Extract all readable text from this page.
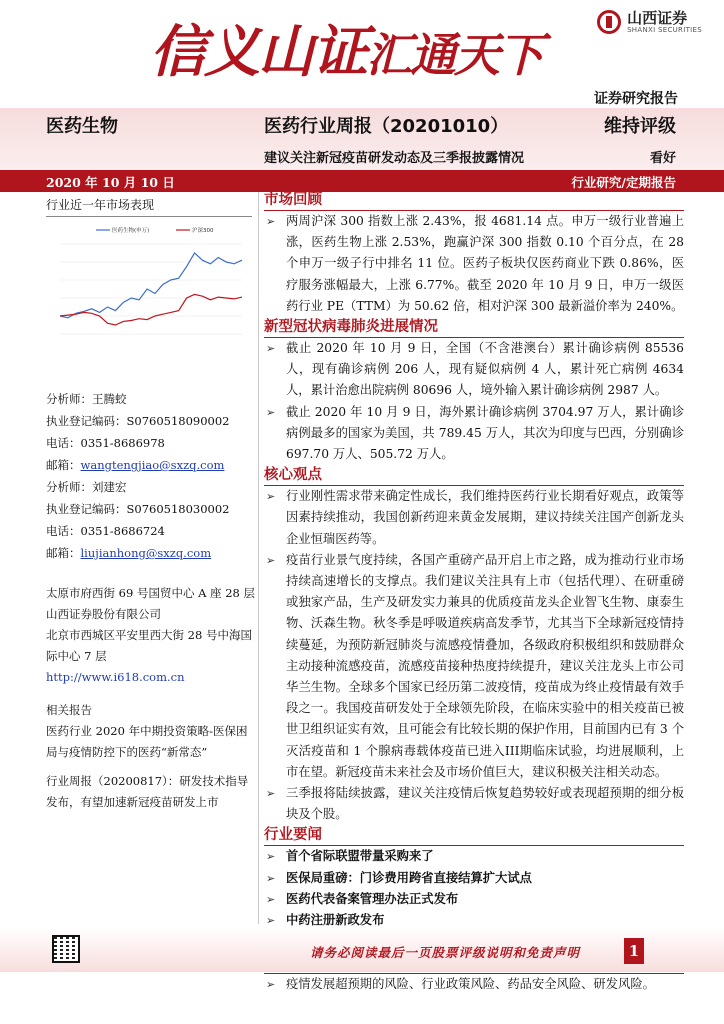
信义山证汇通天下
山西证券
SHANXI SECURITIES
证券研究报告
医药生物	医药行业周报（20201010）	维持评级
建议关注新冠疫苗研发动态及三季报披露情况	看好
2020 年 10 月 10 日	行业研究/定期报告
行业近一年市场表现
医药生物(申万)	沪深300
分析师：王腾蛟
执业登记编码：S0760518090002
电话：0351-8686978
邮箱：wangtengjiao@sxzq.com
分析师：刘建宏
执业登记编码：S0760518030002
电话：0351-8686724
邮箱：liujianhong@sxzq.com
太原市府西街 69 号国贸中心 A 座 28 层
山西证券股份有限公司
北京市西城区平安里西大街 28 号中海国际中心 7 层
http://www.i618.com.cn
相关报告
医药行业 2020 年中期投资策略-医保困局与疫情防控下的医药“新常态”
行业周报（20200817）：研发技术指导发布，有望加速新冠疫苗研发上市
市场回顾
➢ 两周沪深 300 指数上涨 2.43%，报 4681.14 点。申万一级行业普遍上涨，医药生物上涨 2.53%，跑赢沪深 300 指数 0.10 个百分点，在 28 个申万一级子行中排名 11 位。医药子板块仅医药商业下跌 0.86%，医疗服务涨幅最大，上涨 6.77%。截至 2020 年 10 月 9 日，申万一级医药行业 PE（TTM）为 50.62 倍，相对沪深 300 最新溢价率为 240%。
新型冠状病毒肺炎进展情况
➢ 截止 2020 年 10 月 9 日，全国（不含港澳台）累计确诊病例 85536 人，现有确诊病例 206 人，现有疑似病例 4 人，累计死亡病例 4634 人，累计治愈出院病例 80696 人，境外输入累计确诊病例 2987 人。
➢ 截止 2020 年 10 月 9 日，海外累计确诊病例 3704.97 万人，累计确诊病例最多的国家为美国，共 789.45 万人，其次为印度与巴西，分别确诊 697.70 万人、505.72 万人。
核心观点
➢ 行业刚性需求带来确定性成长，我们维持医药行业长期看好观点，政策等因素持续推动，我国创新药迎来黄金发展期，建议持续关注国产创新龙头企业恒瑞医药等。
➢ 疫苗行业景气度持续，各国产重磅产品开启上市之路，成为推动行业市场持续高速增长的支撑点。我们建议关注具有上市（包括代理）、在研重磅或独家产品，生产及研发实力兼具的优质疫苗龙头企业智飞生物、康泰生物、沃森生物。秋冬季是呼吸道疾病高发季节，尤其当下全球新冠疫情持续蔓延，为预防新冠肺炎与流感疫情叠加，各级政府积极组织和鼓励群众主动接种流感疫苗，流感疫苗接种热度持续提升，建议关注龙头上市公司华兰生物。全球多个国家已经历第二波疫情，疫苗成为终止疫情最有效手段之一。我国疫苗研发处于全球领先阶段，在临床实验中的相关疫苗已被世卫组织证实有效，且可能会有比较长期的保护作用，目前国内已有 3 个灭活疫苗和 1 个腺病毒载体疫苗已进入III期临床试验，均进展顺利，上市在望。新冠疫苗未来社会及市场价值巨大，建议积极关注相关动态。
➢ 三季报将陆续披露，建议关注疫情后恢复趋势较好或表现超预期的细分板块及个股。
行业要闻
➢ 首个省际联盟带量采购来了
➢ 医保局重磅：门诊费用跨省直接结算扩大试点
➢ 医药代表备案管理办法正式发布
➢ 中药注册新政发布
➢ 疫情发展超预期的风险、行业政策风险、药品安全风险、研发风险。
请务必阅读最后一页股票评级说明和免责声明	1
